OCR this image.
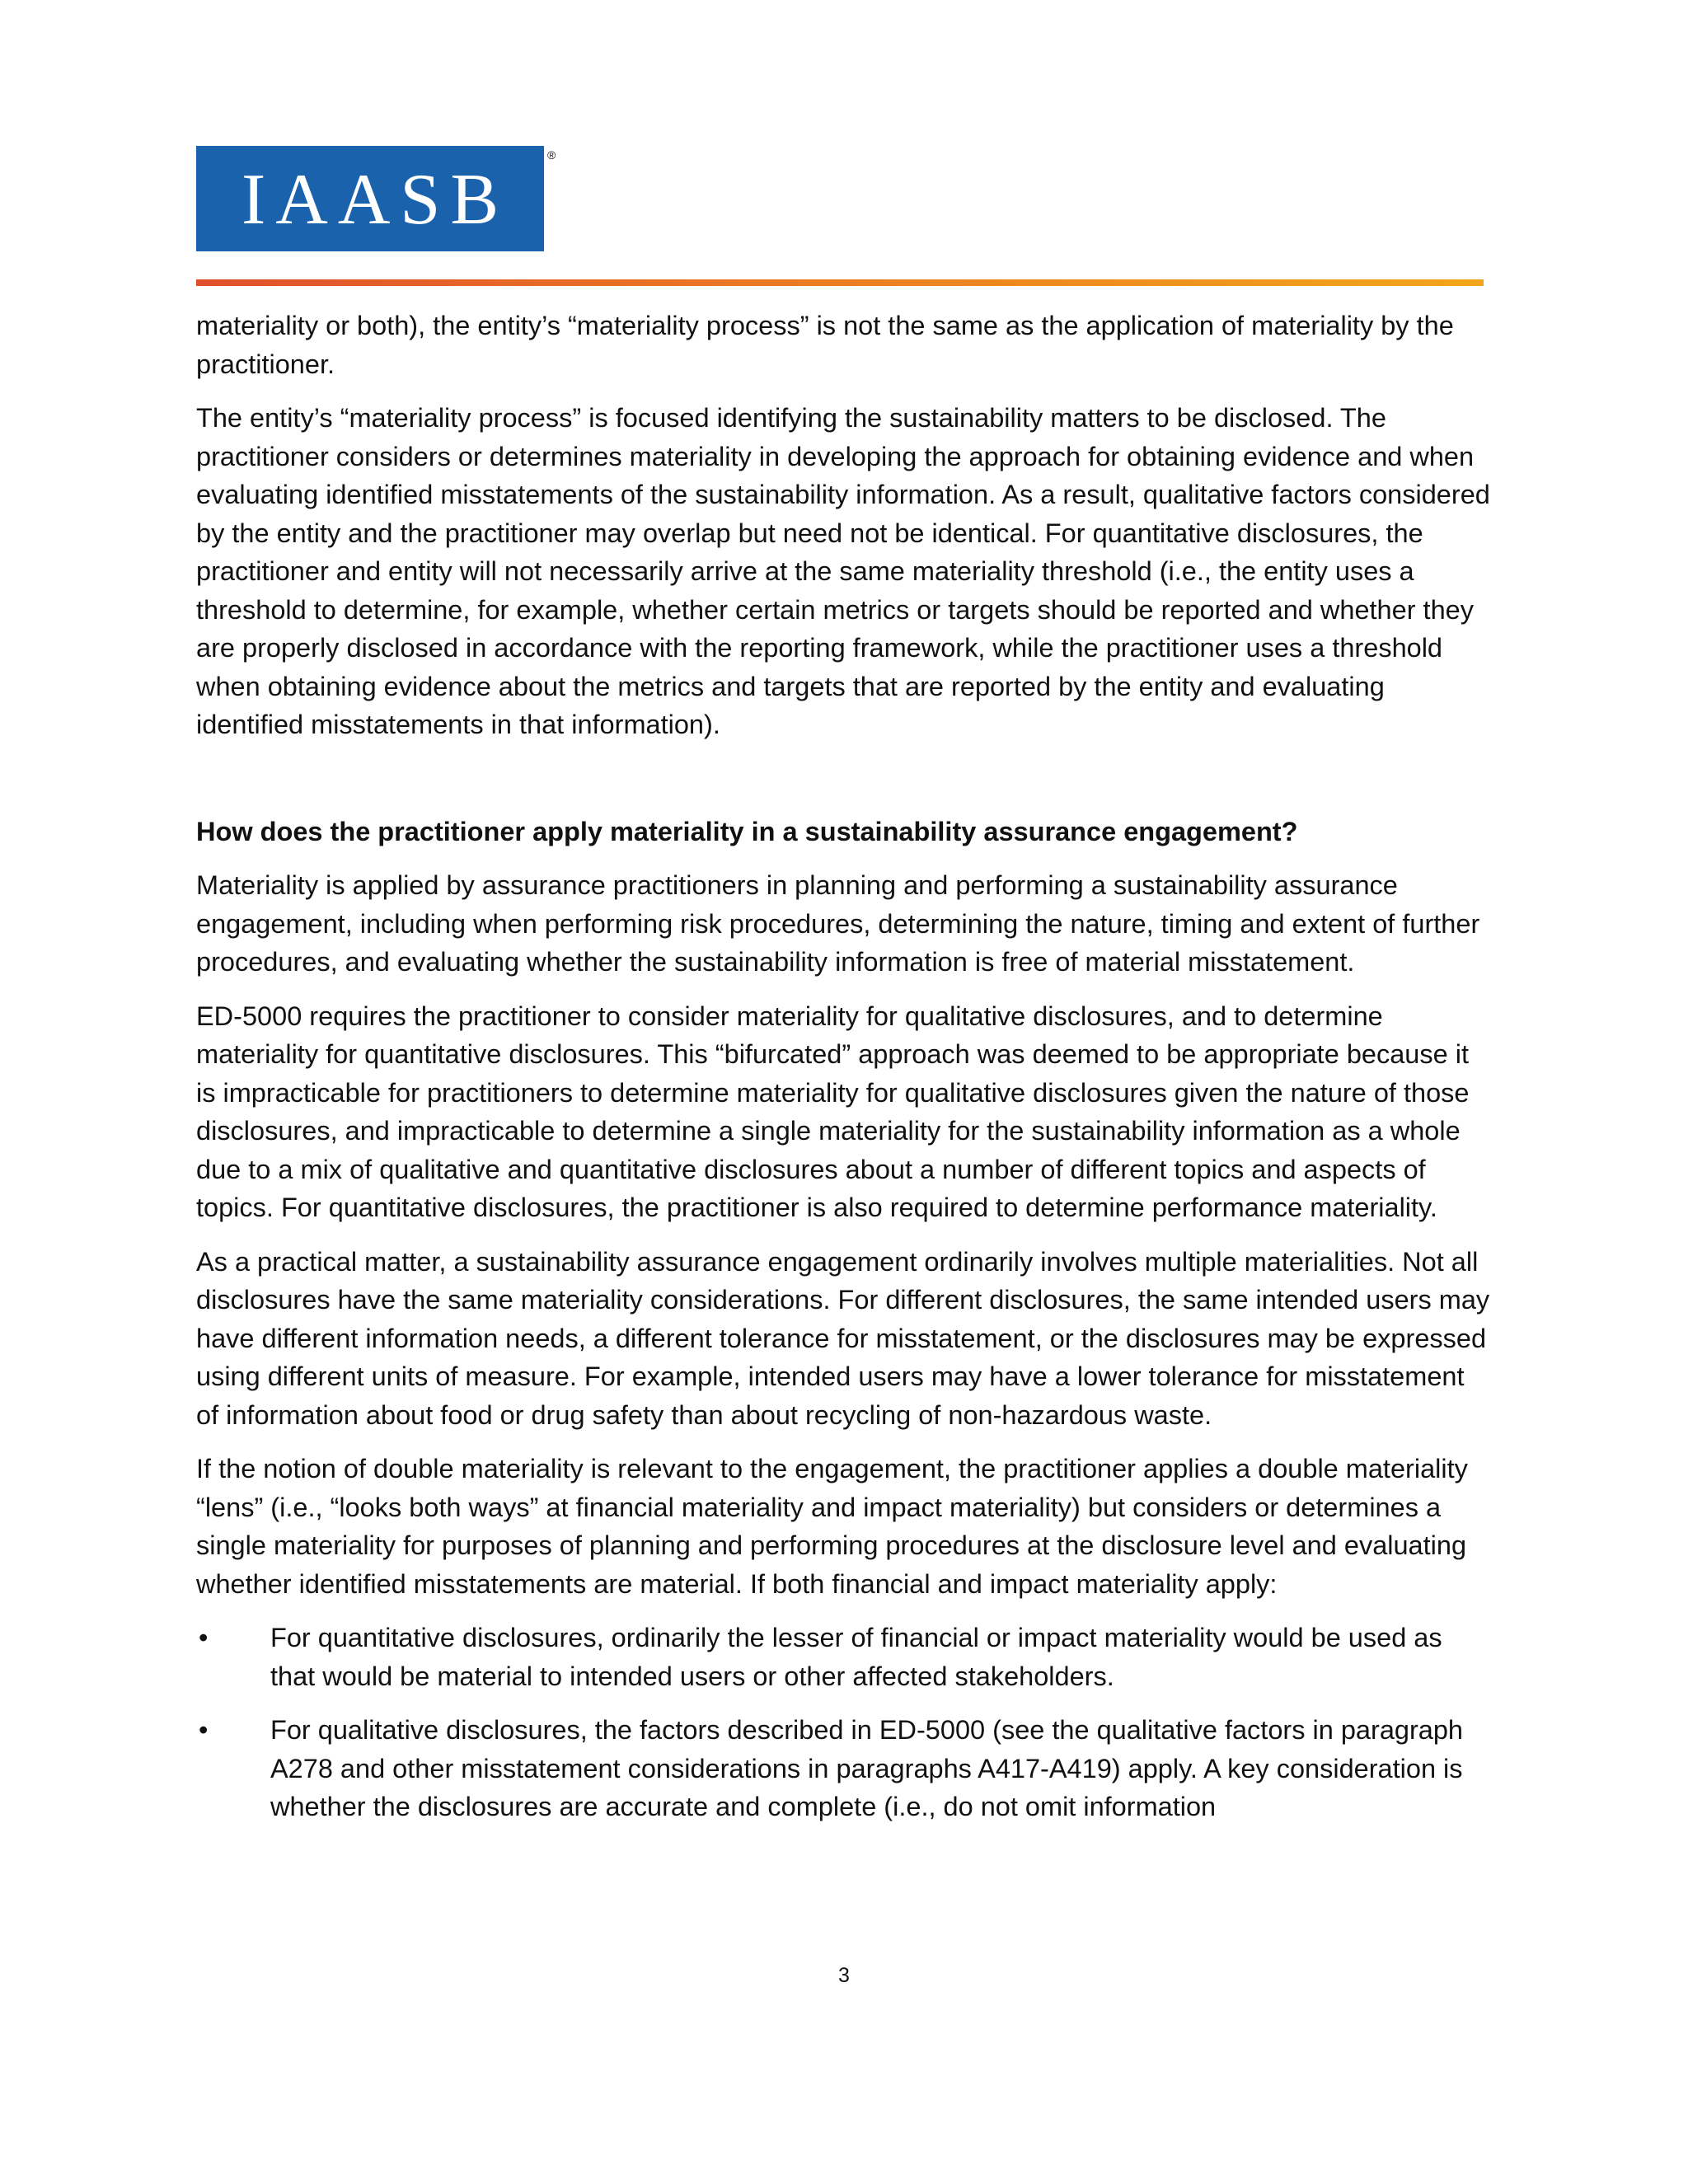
IAASB
®

materiality or both), the entity’s “materiality process” is not the same as the application of materiality by the practitioner.

The entity’s “materiality process” is focused identifying the sustainability matters to be disclosed. The practitioner considers or determines materiality in developing the approach for obtaining evidence and when evaluating identified misstatements of the sustainability information. As a result, qualitative factors considered by the entity and the practitioner may overlap but need not be identical. For quantitative disclosures, the practitioner and entity will not necessarily arrive at the same materiality threshold (i.e., the entity uses a threshold to determine, for example, whether certain metrics or targets should be reported and whether they are properly disclosed in accordance with the reporting framework, while the practitioner uses a threshold when obtaining evidence about the metrics and targets that are reported by the entity and evaluating identified misstatements in that information).

How does the practitioner apply materiality in a sustainability assurance engagement?

Materiality is applied by assurance practitioners in planning and performing a sustainability assurance engagement, including when performing risk procedures, determining the nature, timing and extent of further procedures, and evaluating whether the sustainability information is free of material misstatement.

ED-5000 requires the practitioner to consider materiality for qualitative disclosures, and to determine materiality for quantitative disclosures. This “bifurcated” approach was deemed to be appropriate because it is impracticable for practitioners to determine materiality for qualitative disclosures given the nature of those disclosures, and impracticable to determine a single materiality for the sustainability information as a whole due to a mix of qualitative and quantitative disclosures about a number of different topics and aspects of topics. For quantitative disclosures, the practitioner is also required to determine performance materiality.

As a practical matter, a sustainability assurance engagement ordinarily involves multiple materialities. Not all disclosures have the same materiality considerations. For different disclosures, the same intended users may have different information needs, a different tolerance for misstatement, or the disclosures may be expressed using different units of measure. For example, intended users may have a lower tolerance for misstatement of information about food or drug safety than about recycling of non-hazardous waste.

If the notion of double materiality is relevant to the engagement, the practitioner applies a double materiality “lens” (i.e., “looks both ways” at financial materiality and impact materiality) but considers or determines a single materiality for purposes of planning and performing procedures at the disclosure level and evaluating whether identified misstatements are material. If both financial and impact materiality apply:

• For quantitative disclosures, ordinarily the lesser of financial or impact materiality would be used as that would be material to intended users or other affected stakeholders.
• For qualitative disclosures, the factors described in ED-5000 (see the qualitative factors in paragraph A278 and other misstatement considerations in paragraphs A417-A419) apply. A key consideration is whether the disclosures are accurate and complete (i.e., do not omit information
3
